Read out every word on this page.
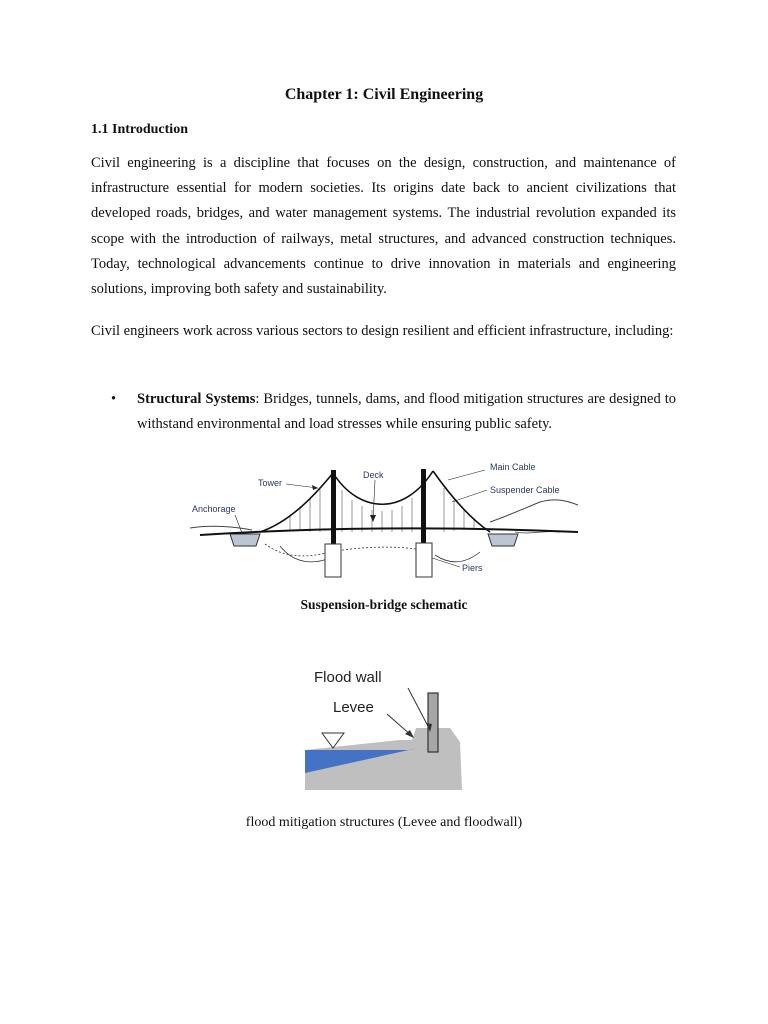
Chapter 1: Civil Engineering
1.1 Introduction

Civil engineering is a discipline that focuses on the design, construction, and maintenance of infrastructure essential for modern societies. Its origins date back to ancient civilizations that developed roads, bridges, and water management systems. The industrial revolution expanded its scope with the introduction of railways, metal structures, and advanced construction techniques. Today, technological advancements continue to drive innovation in materials and engineering solutions, improving both safety and sustainability.

Civil engineers work across various sectors to design resilient and efficient infrastructure, including:

• Structural Systems: Bridges, tunnels, dams, and flood mitigation structures are designed to withstand environmental and load stresses while ensuring public safety.

Tower
Deck
Main Cable
Suspender Cable
Anchorage
Piers
Suspension-bridge schematic
Flood wall
Levee
flood mitigation structures (Levee and floodwall)
